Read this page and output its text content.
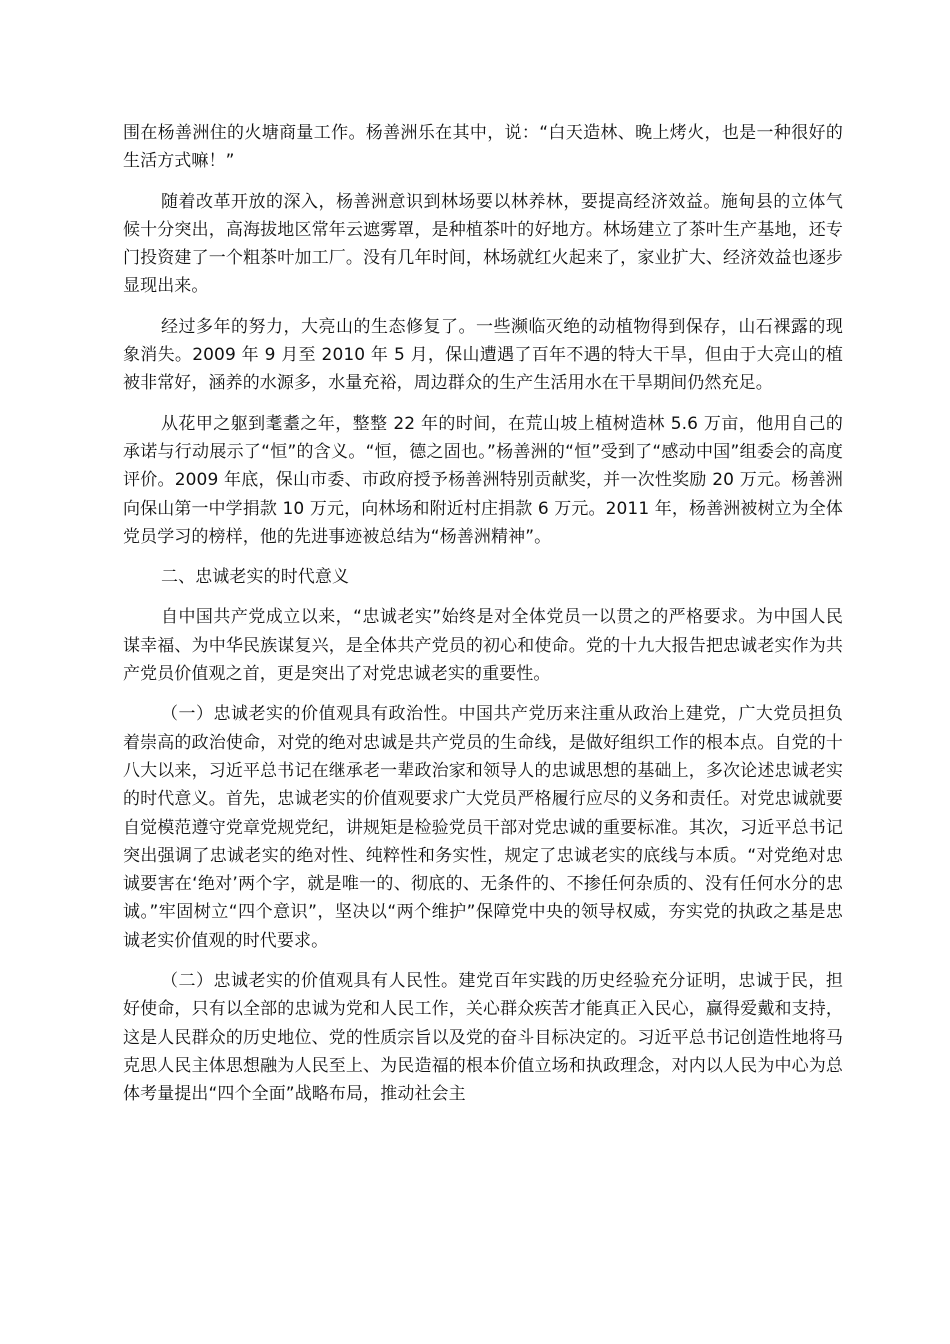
围在杨善洲住的火塘商量工作。杨善洲乐在其中，说：“白天造林、晚上烤火，也是一种很好的生活方式嘛！”

随着改革开放的深入，杨善洲意识到林场要以林养林，要提高经济效益。施甸县的立体气候十分突出，高海拔地区常年云遮雾罩，是种植茶叶的好地方。林场建立了茶叶生产基地，还专门投资建了一个粗茶叶加工厂。没有几年时间，林场就红火起来了，家业扩大、经济效益也逐步显现出来。

经过多年的努力，大亮山的生态修复了。一些濒临灭绝的动植物得到保存，山石裸露的现象消失。2009 年 9 月至 2010 年 5 月，保山遭遇了百年不遇的特大干旱，但由于大亮山的植被非常好，涵养的水源多，水量充裕，周边群众的生产生活用水在干旱期间仍然充足。

从花甲之躯到耄耋之年，整整 22 年的时间，在荒山坡上植树造林 5.6 万亩，他用自己的承诺与行动展示了“恒”的含义。“恒，德之固也。”杨善洲的“恒”受到了“感动中国”组委会的高度评价。2009 年底，保山市委、市政府授予杨善洲特别贡献奖，并一次性奖励 20 万元。杨善洲向保山第一中学捐款 10 万元，向林场和附近村庄捐款 6 万元。2011 年，杨善洲被树立为全体党员学习的榜样，他的先进事迹被总结为“杨善洲精神”。

二、忠诚老实的时代意义

自中国共产党成立以来，“忠诚老实”始终是对全体党员一以贯之的严格要求。为中国人民谋幸福、为中华民族谋复兴，是全体共产党员的初心和使命。党的十九大报告把忠诚老实作为共产党员价值观之首，更是突出了对党忠诚老实的重要性。

（一）忠诚老实的价值观具有政治性。中国共产党历来注重从政治上建党，广大党员担负着崇高的政治使命，对党的绝对忠诚是共产党员的生命线，是做好组织工作的根本点。自党的十八大以来，习近平总书记在继承老一辈政治家和领导人的忠诚思想的基础上，多次论述忠诚老实的时代意义。首先，忠诚老实的价值观要求广大党员严格履行应尽的义务和责任。对党忠诚就要自觉模范遵守党章党规党纪，讲规矩是检验党员干部对党忠诚的重要标准。其次，习近平总书记突出强调了忠诚老实的绝对性、纯粹性和务实性，规定了忠诚老实的底线与本质。“对党绝对忠诚要害在‘绝对’两个字，就是唯一的、彻底的、无条件的、不掺任何杂质的、没有任何水分的忠诚。”牢固树立“四个意识”，坚决以“两个维护”保障党中央的领导权威，夯实党的执政之基是忠诚老实价值观的时代要求。

（二）忠诚老实的价值观具有人民性。建党百年实践的历史经验充分证明，忠诚于民，担好使命，只有以全部的忠诚为党和人民工作，关心群众疾苦才能真正入民心，赢得爱戴和支持，这是人民群众的历史地位、党的性质宗旨以及党的奋斗目标决定的。习近平总书记创造性地将马克思人民主体思想融为人民至上、为民造福的根本价值立场和执政理念，对内以人民为中心为总体考量提出“四个全面”战略布局，推动社会主
